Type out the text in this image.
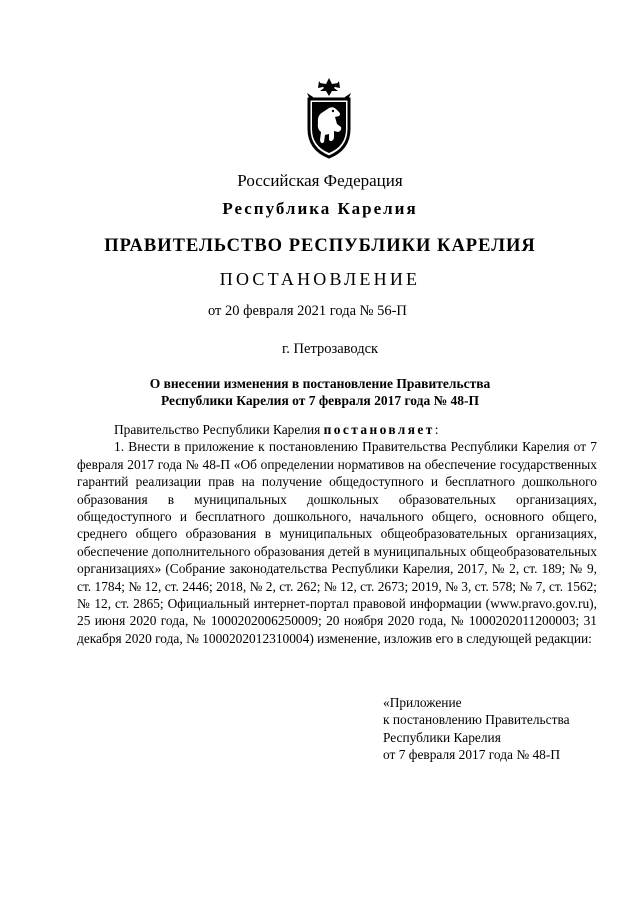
Российская Федерация
Республика Карелия
ПРАВИТЕЛЬСТВО РЕСПУБЛИКИ КАРЕЛИЯ
ПОСТАНОВЛЕНИЕ
от 20 февраля 2021 года № 56-П
г. Петрозаводск
О внесении изменения в постановление Правительства
Республики Карелия от 7 февраля 2017 года № 48-П

Правительство Республики Карелия постановляет:

1. Внести в приложение к постановлению Правительства Республики Карелия от 7 февраля 2017 года № 48-П «Об определении нормативов на обеспечение государственных гарантий реализации прав на получение общедоступного и бесплатного дошкольного образования в муниципальных дошкольных образовательных организациях, общедоступного и бесплатного дошкольного, начального общего, основного общего, среднего общего образования в муниципальных общеобразовательных организациях, обеспечение дополнительного образования детей в муниципальных общеобразовательных организациях» (Собрание законодательства Республики Карелия, 2017, № 2, ст. 189; № 9, ст. 1784; № 12, ст. 2446; 2018, № 2, ст. 262; № 12, ст. 2673; 2019, № 3, ст. 578; № 7, ст. 1562; № 12, ст. 2865; Официальный интернет-портал правовой информации (www.pravo.gov.ru), 25 июня 2020 года, № 1000202006250009; 20 ноября 2020 года, № 1000202011200003; 31 декабря 2020 года, № 1000202012310004) изменение, изложив его в следующей редакции:

«Приложение
к постановлению Правительства
Республики Карелия
от 7 февраля 2017 года № 48-П
